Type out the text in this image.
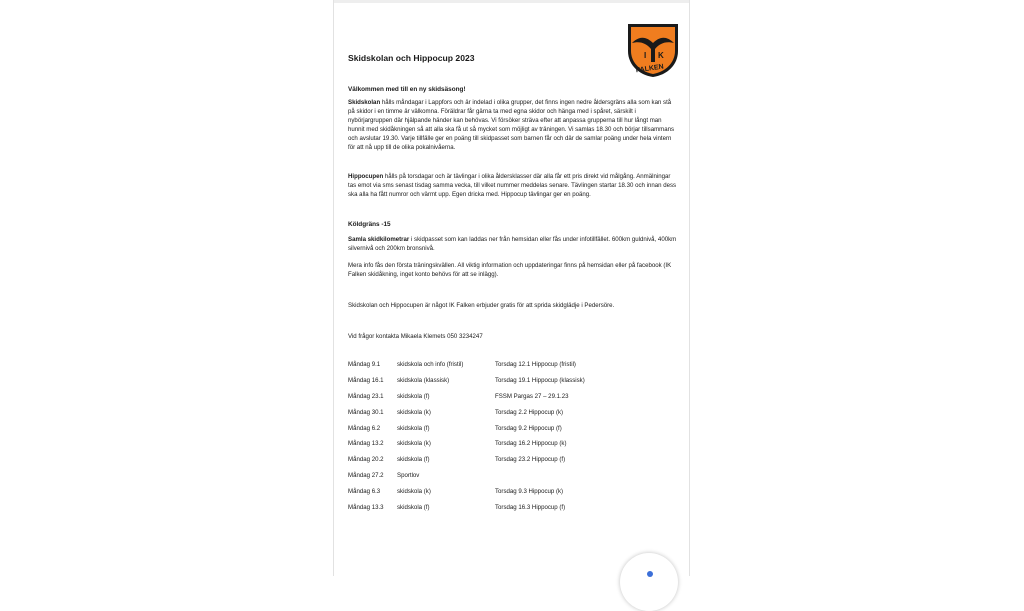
Skidskolan och Hippocup 2023	I K
FALKEN

Välkommen med till en ny skidsäsong!

Skidskolan hålls måndagar i Lappfors och är indelad i olika grupper, det finns ingen nedre åldersgräns alla som kan stå på skidor i en timme är välkomna. Föräldrar får gärna ta med egna skidor och hänga med i spåret, särskilt i nybörjargruppen där hjälpande händer kan behövas. Vi försöker sträva efter att anpassa grupperna till hur långt man hunnit med skidåkningen så att alla ska få ut så mycket som möjligt av träningen. Vi samlas 18.30 och börjar tillsammans och avslutar 19.30. Varje tillfälle ger en poäng till skidpasset som barnen får och där de samlar poäng under hela vintern för att nå upp till de olika pokalnivåerna.

Hippocupen hålls på torsdagar och är tävlingar i olika åldersklasser där alla får ett pris direkt vid målgång. Anmälningar tas emot via sms senast tisdag samma vecka, till vilket nummer meddelas senare. Tävlingen startar 18.30 och innan dess ska alla ha fått numror och värmt upp. Egen dricka med. Hippocup tävlingar ger en poäng.

Köldgräns -15

Samla skidkilometrar i skidpasset som kan laddas ner från hemsidan eller fås under infotillfället. 600km guldnivå, 400km silvernivå och 200km bronsnivå.

Mera info fås den första träningskvällen. All viktig information och uppdateringar finns på hemsidan eller på facebook (IK Falken skidåkning, inget konto behövs för att se inlägg).

Skidskolan och Hippocupen är något IK Falken erbjuder gratis för att sprida skidglädje i Pedersöre.

Vid frågor kontakta Mikaela Klemets 050 3234247

Måndag 9.1	skidskola och info (fristil)	Torsdag 12.1 Hippocup (fristil)
Måndag 16.1 skidskola (klassisk)	Torsdag 19.1 Hippocup (klassisk)
Måndag 23.1 skidskola (f)	FSSM Pargas 27 – 29.1.23
Måndag 30.1 skidskola (k)	Torsdag 2.2 Hippocup (k)
Måndag 6.2	skidskola (f)	Torsdag 9.2 Hippocup (f)
Måndag 13.2 skidskola (k)	Torsdag 16.2 Hippocup (k)
Måndag 20.2 skidskola (f)	Torsdag 23.2 Hippocup (f)
Måndag 27.2 Sportlov
Måndag 6.3	skidskola (k)	Torsdag 9.3 Hippocup (k)
Måndag 13.3 skidskola (f)	Torsdag 16.3 Hippocup (f)
